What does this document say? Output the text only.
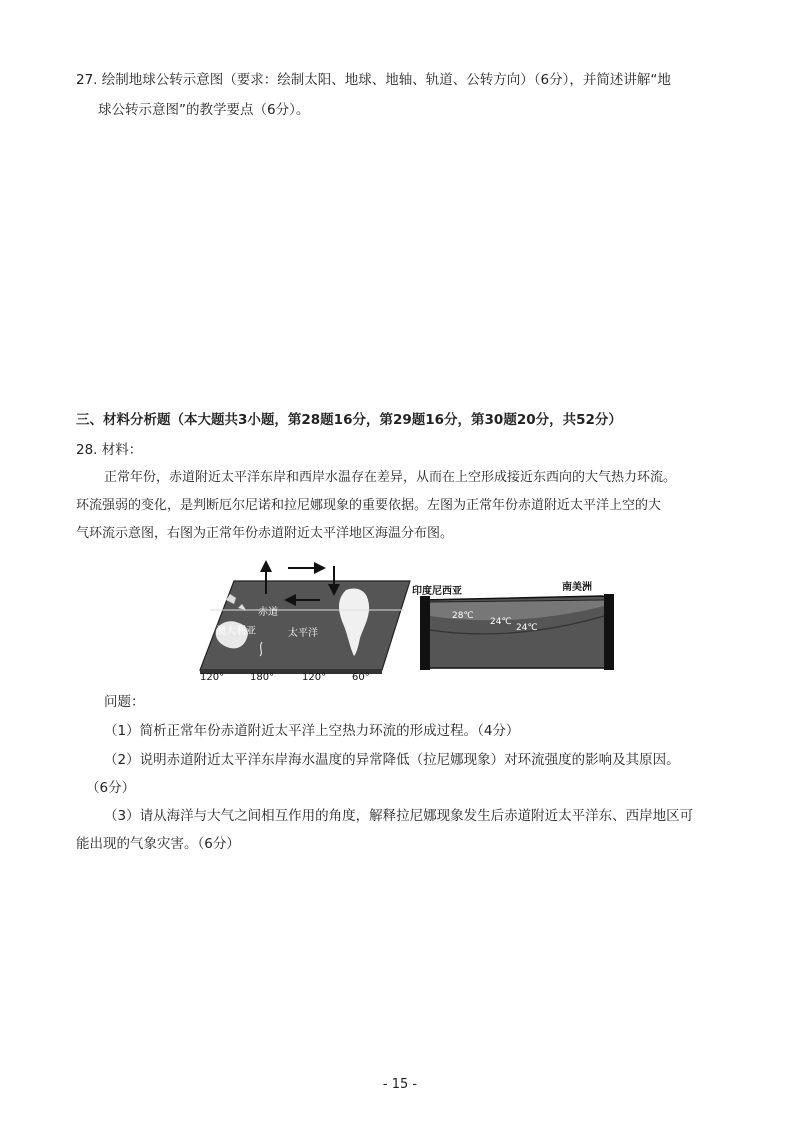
27. 绘制地球公转示意图（要求：绘制太阳、地球、地轴、轨道、公转方向）（6分），并简述讲解“地
球公转示意图”的教学要点（6分）。
三、材料分析题（本大题共3小题，第28题16分，第29题16分，第30题20分，共52分）
28. 材料：
正常年份，赤道附近太平洋东岸和西岸水温存在差异，从而在上空形成接近东西向的大气热力环流。
环流强弱的变化，是判断厄尔尼诺和拉尼娜现象的重要依据。左图为正常年份赤道附近太平洋上空的大
气环流示意图，右图为正常年份赤道附近太平洋地区海温分布图。
赤道
澳大利亚	太平洋
120°	180°	120°	60°
印度尼西亚	南美洲
28℃
24℃
24℃
问题：
（1）简析正常年份赤道附近太平洋上空热力环流的形成过程。（4分）
（2）说明赤道附近太平洋东岸海水温度的异常降低（拉尼娜现象）对环流强度的影响及其原因。
（6分）
（3）请从海洋与大气之间相互作用的角度，解释拉尼娜现象发生后赤道附近太平洋东、西岸地区可
能出现的气象灾害。（6分）
- 15 -
